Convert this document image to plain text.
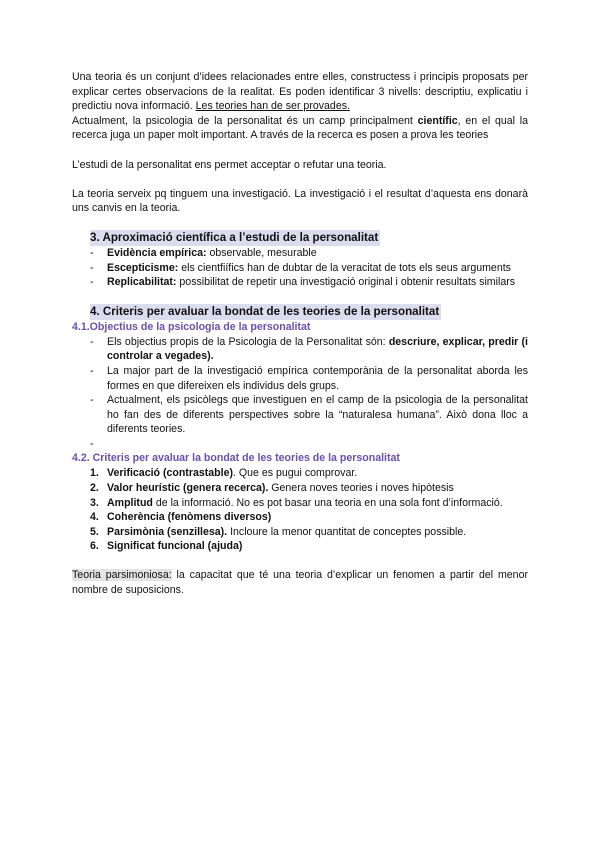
Una teoria és un conjunt d’idees relacionades entre elles, constructess i principis proposats per explicar certes observacions de la realitat. Es poden identificar 3 nivells: descriptiu, explicatiu i predictiu nova informació. Les teories han de ser provades.

Actualment, la psicologia de la personalitat és un camp principalment científic, en el qual la recerca juga un paper molt important. A través de la recerca es posen a prova les teories

L’estudi de la personalitat ens permet acceptar o refutar una teoria.

La teoria serveix pq tinguem una investigació. La investigació i el resultat d’aquesta ens donarà uns canvis en la teoria.

3. Aproximació científica a l’estudi de la personalitat
- Evidència empírica: observable, mesurable
- Escepticisme: els cientfiífics han de dubtar de la veracitat de tots els seus arguments
- Replicabilitat: possibilitat de repetir una investigació original i obtenir resultats similars
4. Criteris per avaluar la bondat de les teories de la personalitat
4.1.Objectius de la psicologia de la personalitat
- Els objectius propis de la Psicologia de la Personalitat són: descriure, explicar, predir (i controlar a vegades).
- La major part de la investigació empírica contemporània de la personalitat aborda les formes en que difereixen els individus dels grups.
- Actualment, els psicòlegs que investiguen en el camp de la psicologia de la personalitat ho fan des de diferents perspectives sobre la “naturalesa humana”. Això dona lloc a diferents teories.
-
4.2. Criteris per avaluar la bondat de les teories de la personalitat
1. Verificació (contrastable). Que es pugui comprovar.
2. Valor heurístic (genera recerca). Genera noves teories i noves hipòtesis
3. Amplitud de la informació. No es pot basar una teoria en una sola font d’informació.
4. Coherència (fenòmens diversos)
5. Parsimònia (senzillesa). Incloure la menor quantitat de conceptes possible.
6. Significat funcional (ajuda)

Teoria parsimoniosa: la capacitat que té una teoria d’explicar un fenomen a partir del menor nombre de suposicions.
